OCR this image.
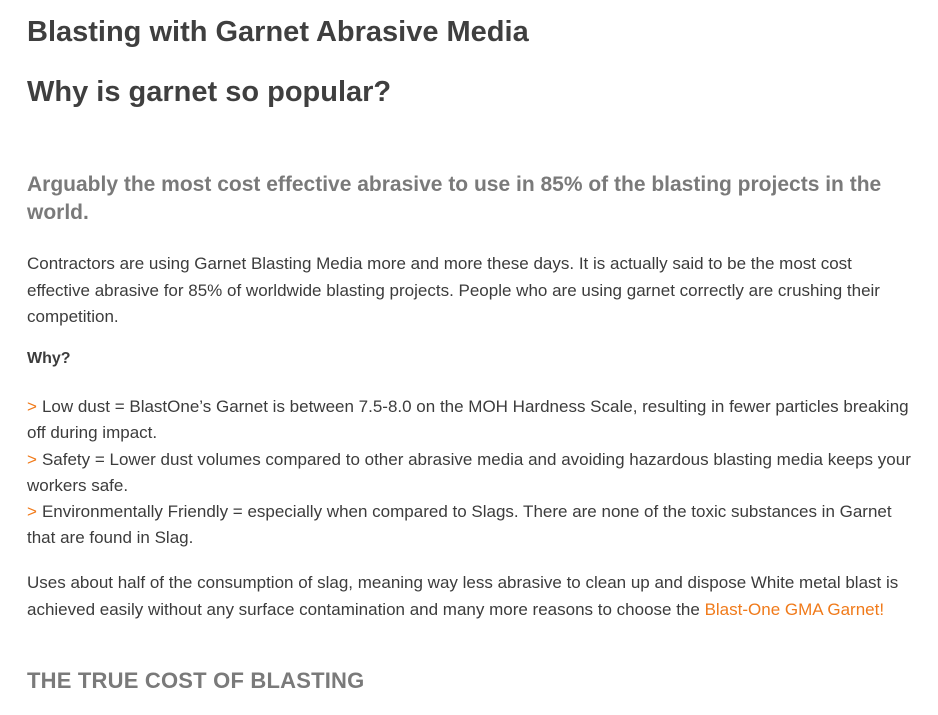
Blasting with Garnet Abrasive Media
Why is garnet so popular?
Arguably the most cost effective abrasive to use in 85% of the blasting projects in the world.

Contractors are using Garnet Blasting Media more and more these days. It is actually said to be the most cost effective abrasive for 85% of worldwide blasting projects. People who are using garnet correctly are crushing their competition.

Why?

> Low dust = BlastOne’s Garnet is between 7.5-8.0 on the MOH Hardness Scale, resulting in fewer particles breaking off during impact.
> Safety = Lower dust volumes compared to other abrasive media and avoiding hazardous blasting media keeps your workers safe.
> Environmentally Friendly = especially when compared to Slags. There are none of the toxic substances in Garnet that are found in Slag.

Uses about half of the consumption of slag, meaning way less abrasive to clean up and dispose White metal blast is achieved easily without any surface contamination and many more reasons to choose the Blast-One GMA Garnet!

THE TRUE COST OF BLASTING
